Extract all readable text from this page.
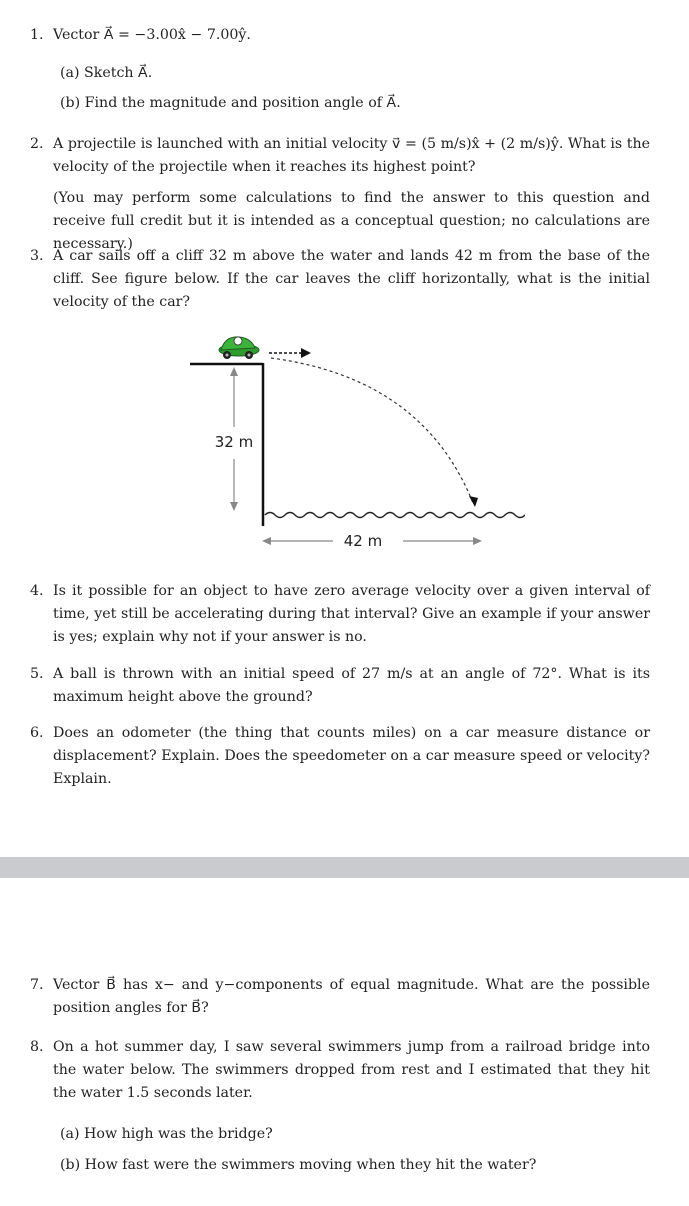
1. Vector A⃗ = −3.00x̂ − 7.00ŷ.
(a) Sketch A⃗.
(b) Find the magnitude and position angle of A⃗.
2. A projectile is launched with an initial velocity v⃗ = (5 m/s)x̂ + (2 m/s)ŷ. What is the velocity of the projectile when it reaches its highest point?
(You may perform some calculations to find the answer to this question and receive full credit but it is intended as a conceptual question; no calculations are necessary.)
3. A car sails off a cliff 32 m above the water and lands 42 m from the base of the cliff. See figure below. If the car leaves the cliff horizontally, what is the initial velocity of the car?
32 m
42 m
4. Is it possible for an object to have zero average velocity over a given interval of time, yet still be accelerating during that interval? Give an example if your answer is yes; explain why not if your answer is no.
5. A ball is thrown with an initial speed of 27 m/s at an angle of 72°. What is its maximum height above the ground?
6. Does an odometer (the thing that counts miles) on a car measure distance or displacement? Explain. Does the speedometer on a car measure speed or velocity? Explain.
7. Vector B⃗ has x− and y−components of equal magnitude. What are the possible position angles for B⃗?
8. On a hot summer day, I saw several swimmers jump from a railroad bridge into the water below. The swimmers dropped from rest and I estimated that they hit the water 1.5 seconds later.
(a) How high was the bridge?
(b) How fast were the swimmers moving when they hit the water?
